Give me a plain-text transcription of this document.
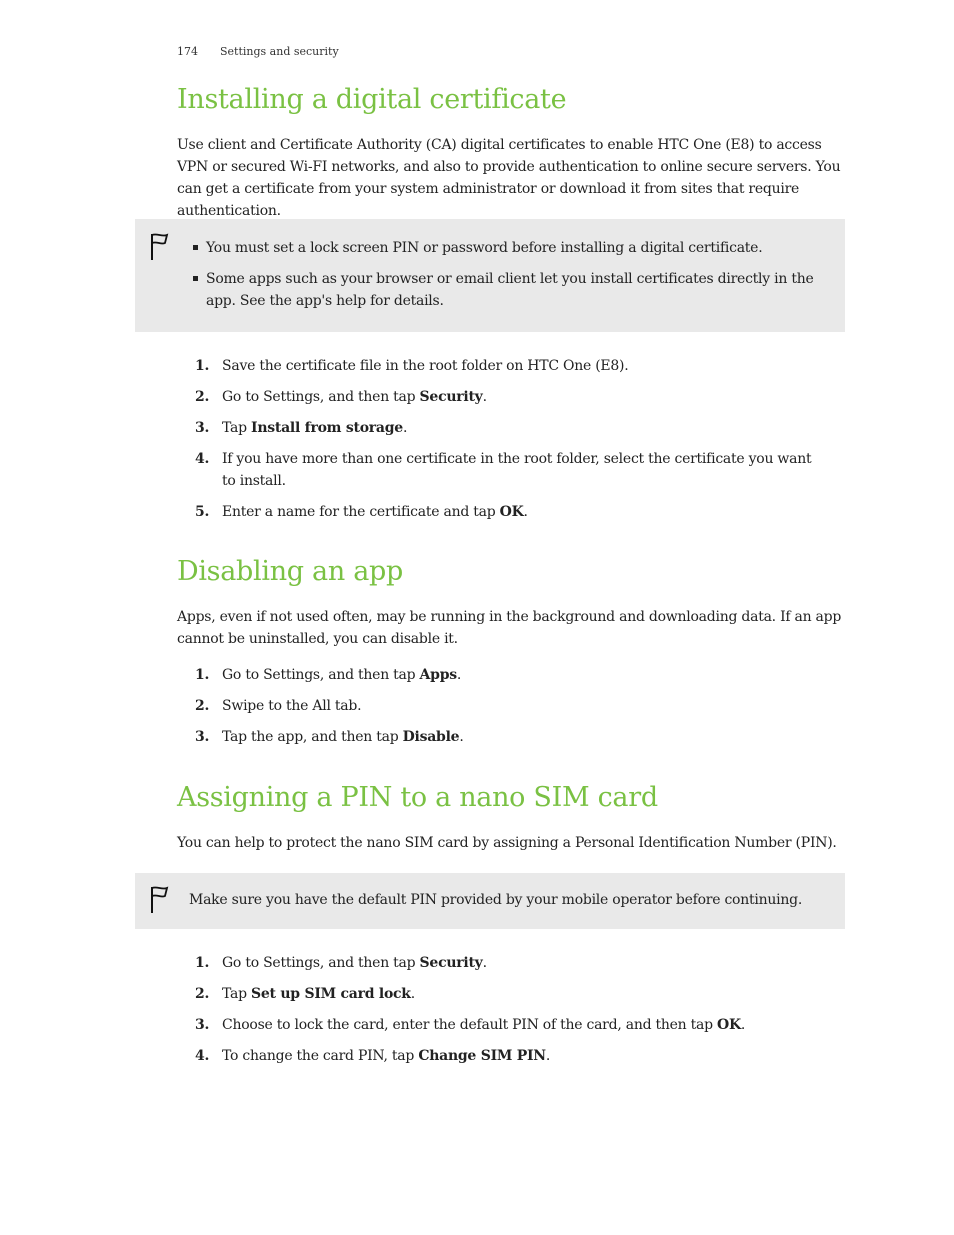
174 Settings and security
Installing a digital certificate

Use client and Certificate Authority (CA) digital certificates to enable HTC One (E8) to access VPN or secured Wi-FI networks, and also to provide authentication to online secure servers. You can get a certificate from your system administrator or download it from sites that require authentication.

You must set a lock screen PIN or password before installing a digital certificate.
Some apps such as your browser or email client let you install certificates directly in the app. See the app's help for details.
1. Save the certificate file in the root folder on HTC One (E8).
2. Go to Settings, and then tap Security.
3. Tap Install from storage.
4. If you have more than one certificate in the root folder, select the certificate you want to install.
5. Enter a name for the certificate and tap OK.
Disabling an app

Apps, even if not used often, may be running in the background and downloading data. If an app cannot be uninstalled, you can disable it.

1. Go to Settings, and then tap Apps.
2. Swipe to the All tab.
3. Tap the app, and then tap Disable.
Assigning a PIN to a nano SIM card

You can help to protect the nano SIM card by assigning a Personal Identification Number (PIN).

Make sure you have the default PIN provided by your mobile operator before continuing.

1. Go to Settings, and then tap Security.
2. Tap Set up SIM card lock.
3. Choose to lock the card, enter the default PIN of the card, and then tap OK.
4. To change the card PIN, tap Change SIM PIN.
